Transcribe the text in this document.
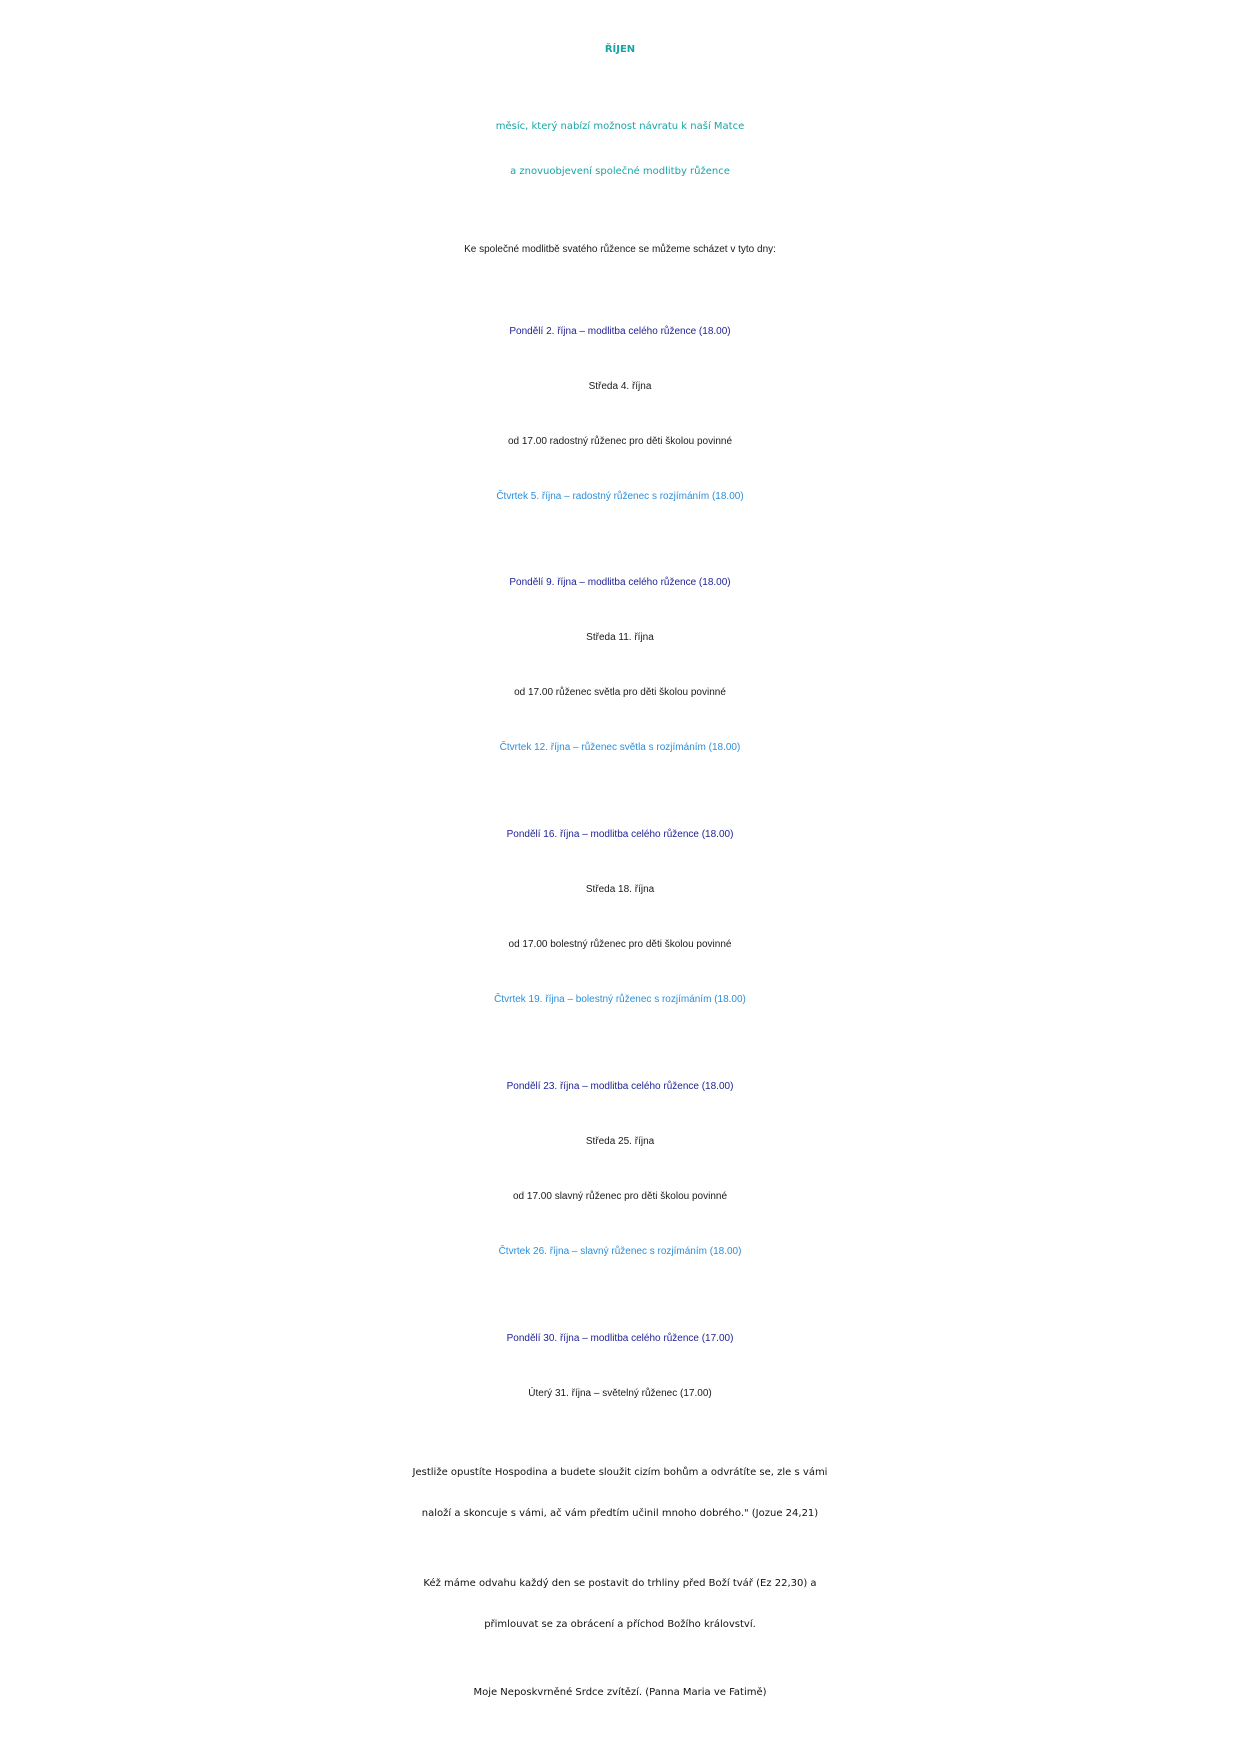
ŘÍJEN
měsíc, který nabízí možnost návratu k naší Matce
a znovuobjevení společné modlitby růžence
Ke společné modlitbě svatého růžence se můžeme scházet v tyto dny:
Pondělí 2. října – modlitba celého růžence (18.00)
Středa 4. října
od 17.00 radostný růženec pro děti školou povinné
Čtvrtek 5. října – radostný růženec s rozjímáním (18.00)
Pondělí 9. října – modlitba celého růžence (18.00)
Středa 11. října
od 17.00 růženec světla pro děti školou povinné
Čtvrtek 12. října – růženec světla s rozjímáním (18.00)
Pondělí 16. října – modlitba celého růžence (18.00)
Středa 18. října
od 17.00 bolestný růženec pro děti školou povinné
Čtvrtek 19. října – bolestný růženec s rozjímáním (18.00)
Pondělí 23. října – modlitba celého růžence (18.00)
Středa 25. října
od 17.00 slavný růženec pro děti školou povinné
Čtvrtek 26. října – slavný růženec s rozjímáním (18.00)
Pondělí 30. října – modlitba celého růžence (17.00)
Úterý 31. října – světelný růženec (17.00)
Jestliže opustíte Hospodina a budete sloužit cizím bohům a odvrátíte se, zle s vámi
naloží a skoncuje s vámi, ač vám předtím učinil mnoho dobrého." (Jozue 24,21)
Kéž máme odvahu každý den se postavit do trhliny před Boží tvář (Ez 22,30) a
přimlouvat se za obrácení a příchod Božího království.
Moje Neposkvrněné Srdce zvítězí. (Panna Maria ve Fatimě)
